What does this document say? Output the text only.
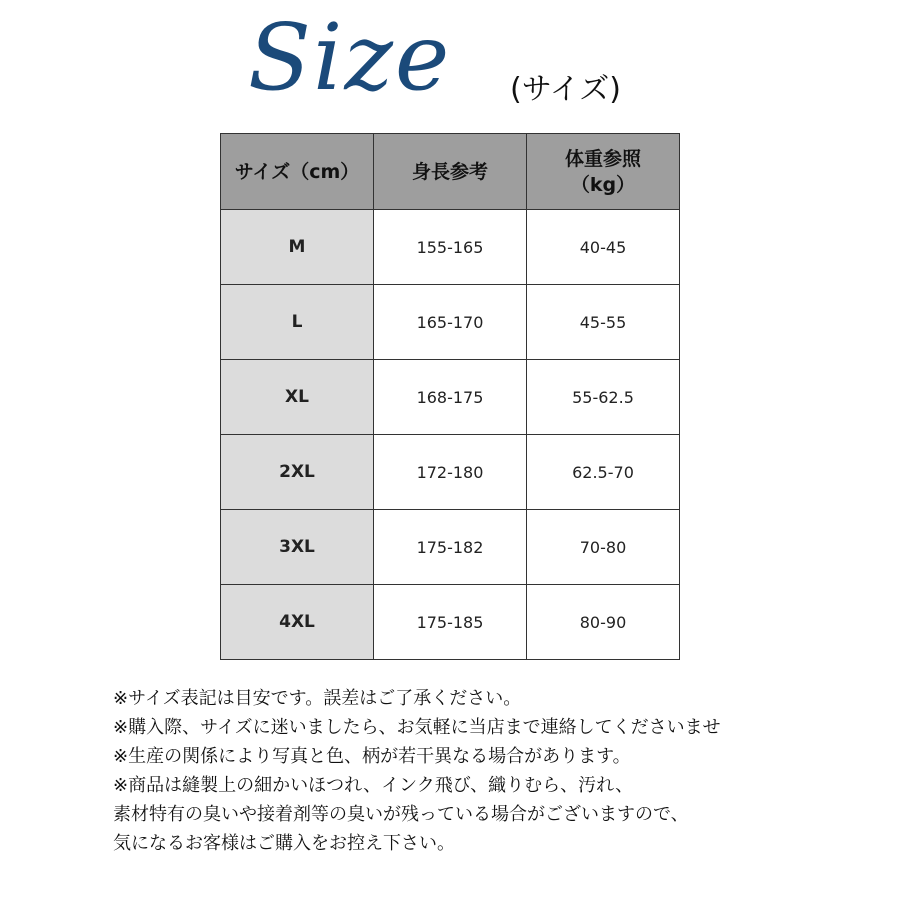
Size (サイズ)
サイズ（cm）	身長参考	体重参照
（kg）
M	155-165	40-45
L	165-170	45-55
XL	168-175	55-62.5
2XL	172-180	62.5-70
3XL	175-182	70-80
4XL	175-185	80-90
※サイズ表記は目安です。誤差はご了承ください。
※購入際、サイズに迷いましたら、お気軽に当店まで連絡してくださいませ
※生産の関係により写真と色、柄が若干異なる場合があります。
※商品は縫製上の細かいほつれ、インク飛び、織りむら、汚れ、
素材特有の臭いや接着剤等の臭いが残っている場合がございますので、
気になるお客様はご購入をお控え下さい。
